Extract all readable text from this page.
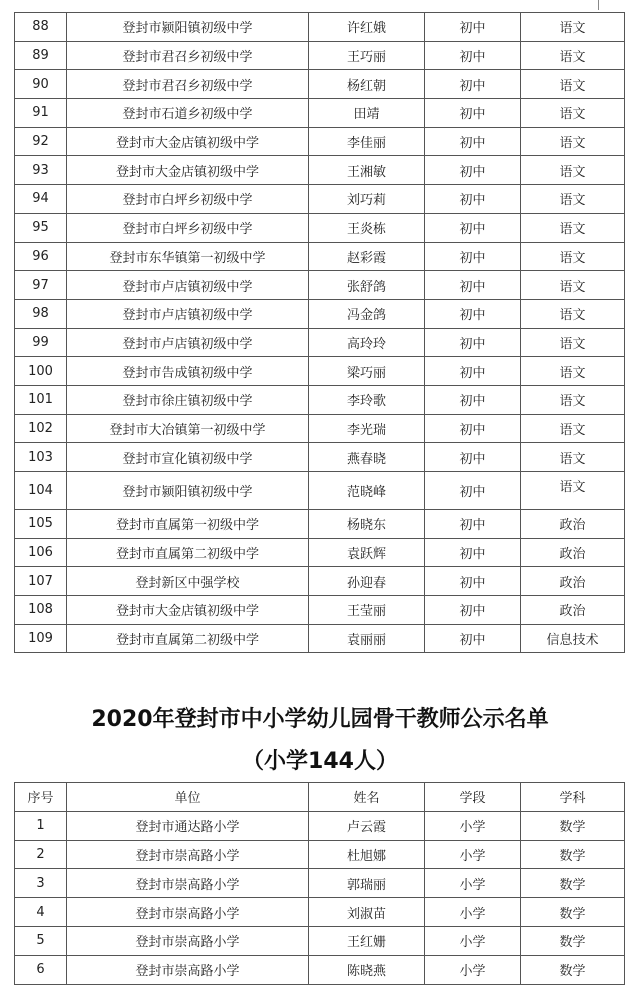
88	登封市颍阳镇初级中学	许红娥	初中	语文
89	登封市君召乡初级中学	王巧丽	初中	语文
90	登封市君召乡初级中学	杨红朝	初中	语文
91	登封市石道乡初级中学	田靖	初中	语文
92	登封市大金店镇初级中学	李佳丽	初中	语文
93	登封市大金店镇初级中学	王湘敏	初中	语文
94	登封市白坪乡初级中学	刘巧莉	初中	语文
95	登封市白坪乡初级中学	王炎栋	初中	语文
96	登封市东华镇第一初级中学	赵彩霞	初中	语文
97	登封市卢店镇初级中学	张舒鸽	初中	语文
98	登封市卢店镇初级中学	冯金鸽	初中	语文
99	登封市卢店镇初级中学	高玲玲	初中	语文
100	登封市告成镇初级中学	梁巧丽	初中	语文
101	登封市徐庄镇初级中学	李玲歌	初中	语文
102	登封市大冶镇第一初级中学	李光瑞	初中	语文
103	登封市宣化镇初级中学	燕春晓	初中	语文
104	登封市颍阳镇初级中学	范晓峰	初中	语文
105	登封市直属第一初级中学	杨晓东	初中	政治
106	登封市直属第二初级中学	袁跃辉	初中	政治
107	登封新区中强学校	孙迎春	初中	政治
108	登封市大金店镇初级中学	王莹丽	初中	政治
109	登封市直属第二初级中学	袁丽丽	初中	信息技术
2020年登封市中小学幼儿园骨干教师公示名单
（小学144人）
序号	单位	姓名	学段	学科
1	登封市通达路小学	卢云霞	小学	数学
2	登封市崇高路小学	杜旭娜	小学	数学
3	登封市崇高路小学	郭瑞丽	小学	数学
4	登封市崇高路小学	刘淑苗	小学	数学
5	登封市崇高路小学	王红姗	小学	数学
6	登封市崇高路小学	陈晓燕	小学	数学
